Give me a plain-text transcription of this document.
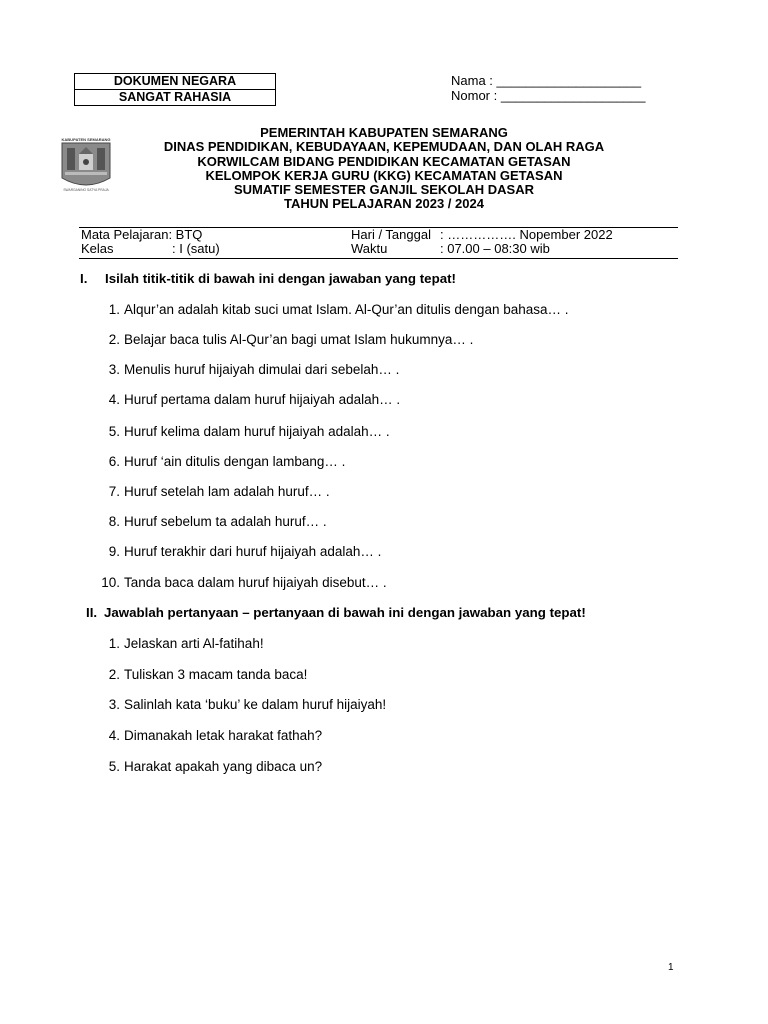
DOKUMEN NEGARA
SANGAT RAHASIA
Nama : ____________________
Nomor : ____________________
KABUPATEN SEMARANG
SWARGANING SATYA PRAJA
PEMERINTAH KABUPATEN SEMARANG
DINAS PENDIDIKAN, KEBUDAYAAN, KEPEMUDAAN, DAN OLAH RAGA
KORWILCAM BIDANG PENDIDIKAN KECAMATAN GETASAN
KELOMPOK KERJA GURU (KKG) KECAMATAN GETASAN
SUMATIF SEMESTER GANJIL SEKOLAH DASAR
TAHUN PELAJARAN 2023 / 2024
Mata Pelajaran: BTQ
Kelas	: I (satu)
Hari / Tanggal : ……………. Nopember 2022
Waktu	: 07.00 – 08:30 wib
I. Isilah titik-titik di bawah ini dengan jawaban yang tepat!
1. Alqur’an adalah kitab suci umat Islam. Al-Qur’an ditulis dengan bahasa… .
2. Belajar baca tulis Al-Qur’an bagi umat Islam hukumnya… .
3. Menulis huruf hijaiyah dimulai dari sebelah… .
4. Huruf pertama dalam huruf hijaiyah adalah… .
5. Huruf kelima dalam huruf hijaiyah adalah… .
6. Huruf ‘ain ditulis dengan lambang… .
7. Huruf setelah lam adalah huruf… .
8. Huruf sebelum ta adalah huruf… .
9. Huruf terakhir dari huruf hijaiyah adalah… .
10. Tanda baca dalam huruf hijaiyah disebut… .
II. Jawablah pertanyaan – pertanyaan di bawah ini dengan jawaban yang tepat!
1. Jelaskan arti Al-fatihah!
2. Tuliskan 3 macam tanda baca!
3. Salinlah kata ‘buku’ ke dalam huruf hijaiyah!
4. Dimanakah letak harakat fathah?
5. Harakat apakah yang dibaca un?
1
